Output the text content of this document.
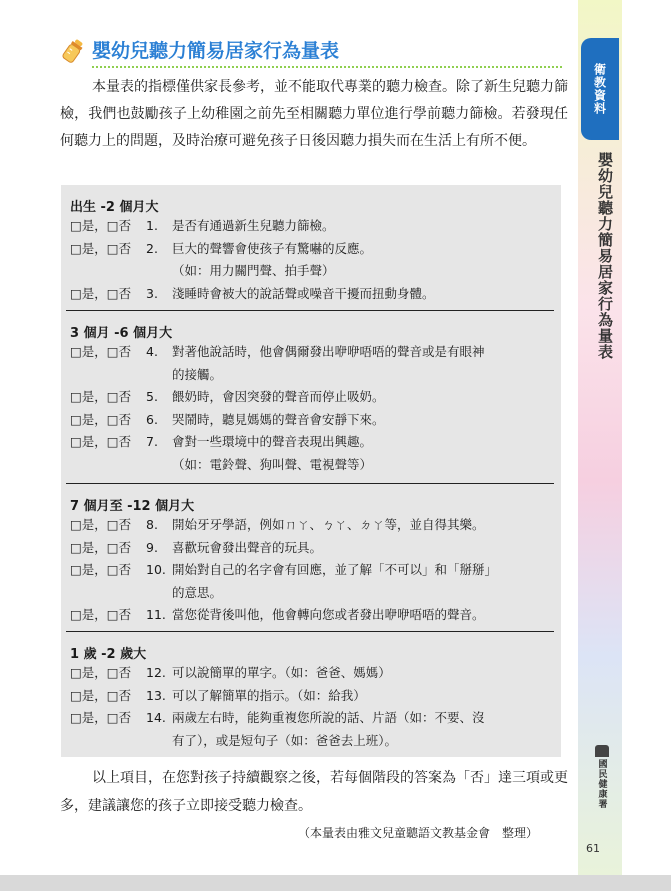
衛教資料
嬰幼兒聽力簡易居家行為量表
國民健康署
61
嬰幼兒聽力簡易居家行為量表
本量表的指標僅供家長參考，並不能取代專業的聽力檢查。除了新生兒聽力篩檢，我們也鼓勵孩子上幼稚園之前先至相關聽力單位進行學前聽力篩檢。若發現任何聽力上的問題，及時治療可避免孩子日後因聽力損失而在生活上有所不便。
出生 -2 個月大
□是，□否 1. 是否有通過新生兒聽力篩檢。
□是，□否 2. 巨大的聲響會使孩子有驚嚇的反應。
（如：用力關門聲、拍手聲）
□是，□否 3. 淺睡時會被大的說話聲或噪音干擾而扭動身體。
3 個月 -6 個月大
□是，□否 4. 對著他說話時，他會偶爾發出咿咿唔唔的聲音或是有眼神
的接觸。
□是，□否 5. 餵奶時，會因突發的聲音而停止吸奶。
□是，□否 6. 哭鬧時，聽見媽媽的聲音會安靜下來。
□是，□否 7. 會對一些環境中的聲音表現出興趣。
（如：電鈴聲、狗叫聲、電視聲等）
7 個月至 -12 個月大
□是，□否 8. 開始牙牙學語，例如ㄇㄚ、ㄅㄚ、ㄉㄚ等，並自得其樂。
□是，□否 9. 喜歡玩會發出聲音的玩具。
□是，□否 10. 開始對自己的名字會有回應，並了解「不可以」和「掰掰」
的意思。
□是，□否 11. 當您從背後叫他，他會轉向您或者發出咿咿唔唔的聲音。
1 歲 -2 歲大
□是，□否 12. 可以說簡單的單字。（如：爸爸、媽媽）
□是，□否 13. 可以了解簡單的指示。（如：給我）
□是，□否 14. 兩歲左右時，能夠重複您所說的話、片語（如：不要、沒
有了），或是短句子（如：爸爸去上班）。
以上項目，在您對孩子持續觀察之後，若每個階段的答案為「否」達三項或更多，建議讓您的孩子立即接受聽力檢查。
（本量表由雅文兒童聽語文教基金會　整理）
